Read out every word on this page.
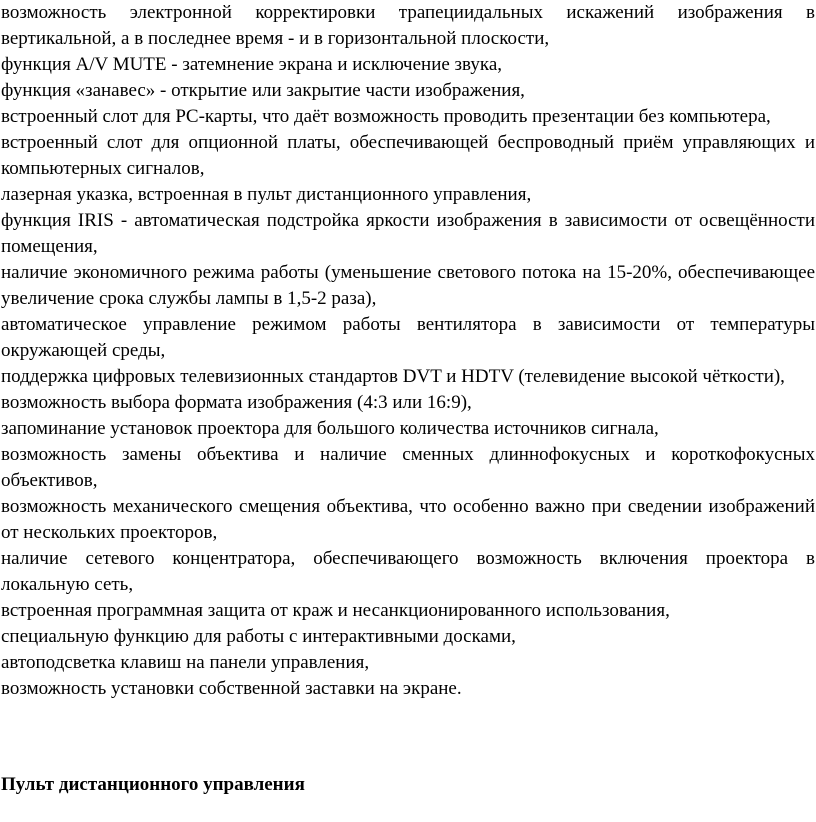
возможность электронной корректировки трапециидальных искажений изображения в вертикальной, а в последнее время - и в горизонтальной плоскости,

функция A/V MUTE - затемнение экрана и исключение звука,

функция «занавес» - открытие или закрытие части изображения,

встроенный слот для PC-карты, что даёт возможность проводить презентации без компьютера,

встроенный слот для опционной платы, обеспечивающей беспроводный приём управляющих и компьютерных сигналов,

лазерная указка, встроенная в пульт дистанционного управления,

функция IRIS - автоматическая подстройка яркости изображения в зависимости от освещённости помещения,

наличие экономичного режима работы (уменьшение светового потока на 15-20%, обеспечивающее увеличение срока службы лампы в 1,5-2 раза),

автоматическое управление режимом работы вентилятора в зависимости от температуры окружающей среды,

поддержка цифровых телевизионных стандартов DVT и HDTV (телевидение высокой чёткости),

возможность выбора формата изображения (4:3 или 16:9),

запоминание установок проектора для большого количества источников сигнала,

возможность замены объектива и наличие сменных длиннофокусных и короткофокусных объективов,

возможность механического смещения объектива, что особенно важно при сведении изображений от нескольких проекторов,

наличие сетевого концентратора, обеспечивающего возможность включения проектора в локальную сеть,

встроенная программная защита от краж и несанкционированного использования,

специальную функцию для работы с интерактивными досками,

автоподсветка клавиш на панели управления,

возможность установки собственной заставки на экране.

Пульт дистанционного управления
